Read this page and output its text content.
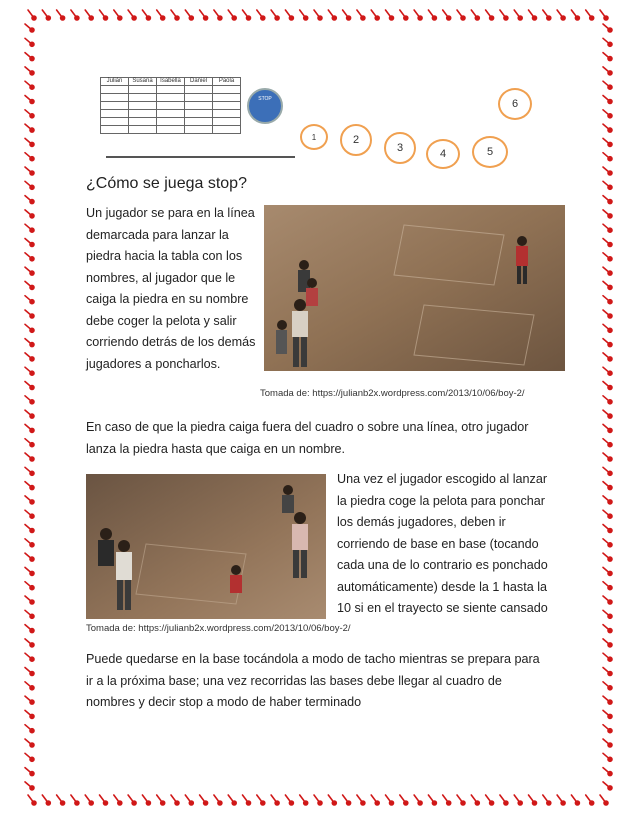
Julián	Susana	Isabella	Daniel	Paola

STOP
1	2
3	4	5
6
¿Cómo se juega stop?
Un jugador se para en la línea
demarcada para lanzar la
piedra hacia la tabla con los
nombres, al jugador que le
caiga la piedra en su nombre
debe coger la pelota y salir
corriendo detrás de los demás
jugadores a poncharlos.
Tomada de: https://julianb2x.wordpress.com/2013/10/06/boy-2/
En caso de que la piedra caiga fuera del cuadro o sobre una línea, otro jugador
lanza la piedra hasta que caiga en un nombre.
Una vez el jugador escogido al lanzar
la piedra coge la pelota para ponchar
los demás jugadores, deben ir
corriendo de base en base (tocando
cada una de lo contrario es ponchado
automáticamente) desde la 1 hasta la
10 si en el trayecto se siente cansado
Tomada de: https://julianb2x.wordpress.com/2013/10/06/boy-2/
Puede quedarse en la base tocándola a modo de tacho mientras se prepara para
ir a la próxima base; una vez recorridas las bases debe llegar al cuadro de
nombres y decir stop a modo de haber terminado
